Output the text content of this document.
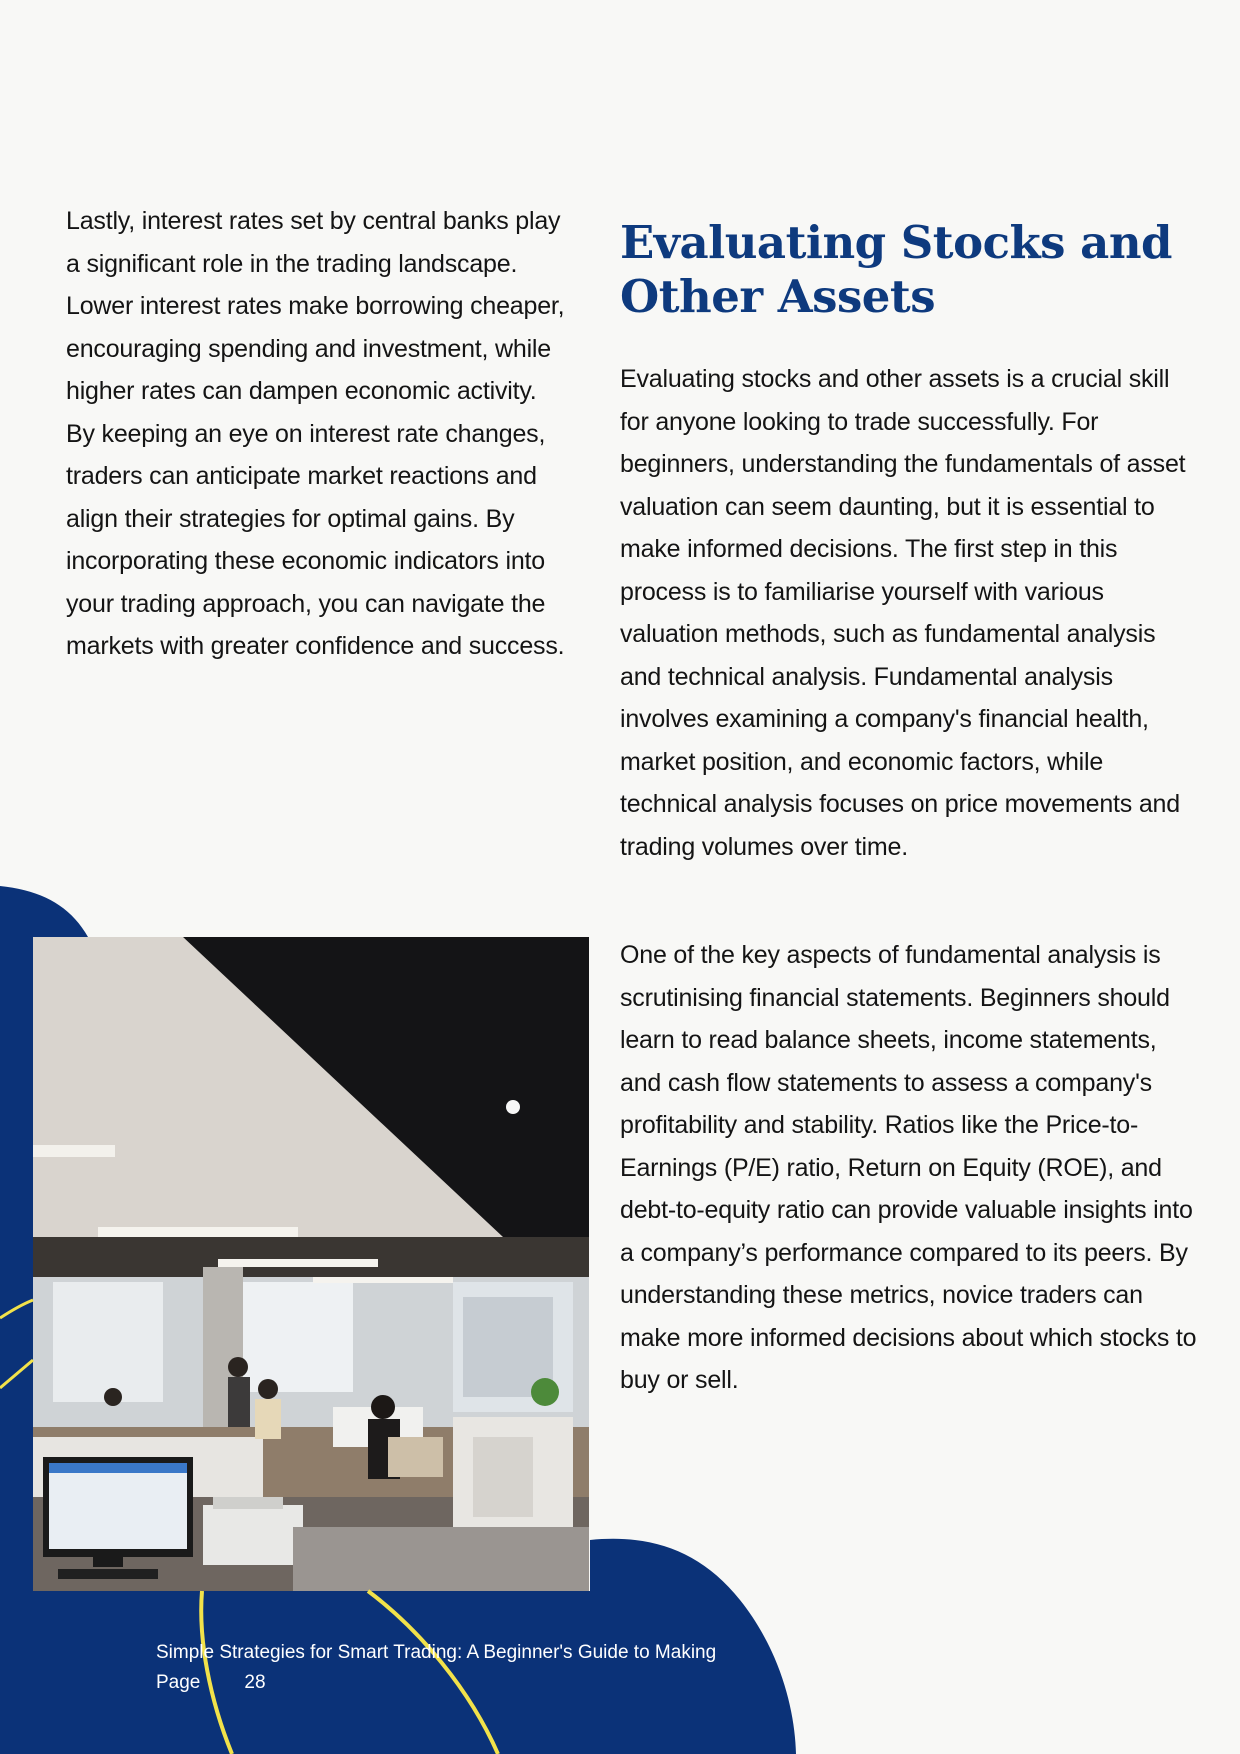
Lastly, interest rates set by central banks play a significant role in the trading landscape. Lower interest rates make borrowing cheaper, encouraging spending and investment, while higher rates can dampen economic activity. By keeping an eye on interest rate changes, traders can anticipate market reactions and align their strategies for optimal gains. By incorporating these economic indicators into your trading approach, you can navigate the markets with greater confidence and success.
Evaluating Stocks and Other Assets

Evaluating stocks and other assets is a crucial skill for anyone looking to trade successfully. For beginners, understanding the fundamentals of asset valuation can seem daunting, but it is essential to make informed decisions. The first step in this process is to familiarise yourself with various valuation methods, such as fundamental analysis and technical analysis. Fundamental analysis involves examining a company's financial health, market position, and economic factors, while technical analysis focuses on price movements and trading volumes over time.

One of the key aspects of fundamental analysis is scrutinising financial statements. Beginners should learn to read balance sheets, income statements, and cash flow statements to assess a company's profitability and stability. Ratios like the Price-to-Earnings (P/E) ratio, Return on Equity (ROE), and debt-to-equity ratio can provide valuable insights into a company’s performance compared to its peers. By understanding these metrics, novice traders can make more informed decisions about which stocks to buy or sell.

Simple Strategies for Smart Trading: A Beginner's Guide to Making
Page 28
